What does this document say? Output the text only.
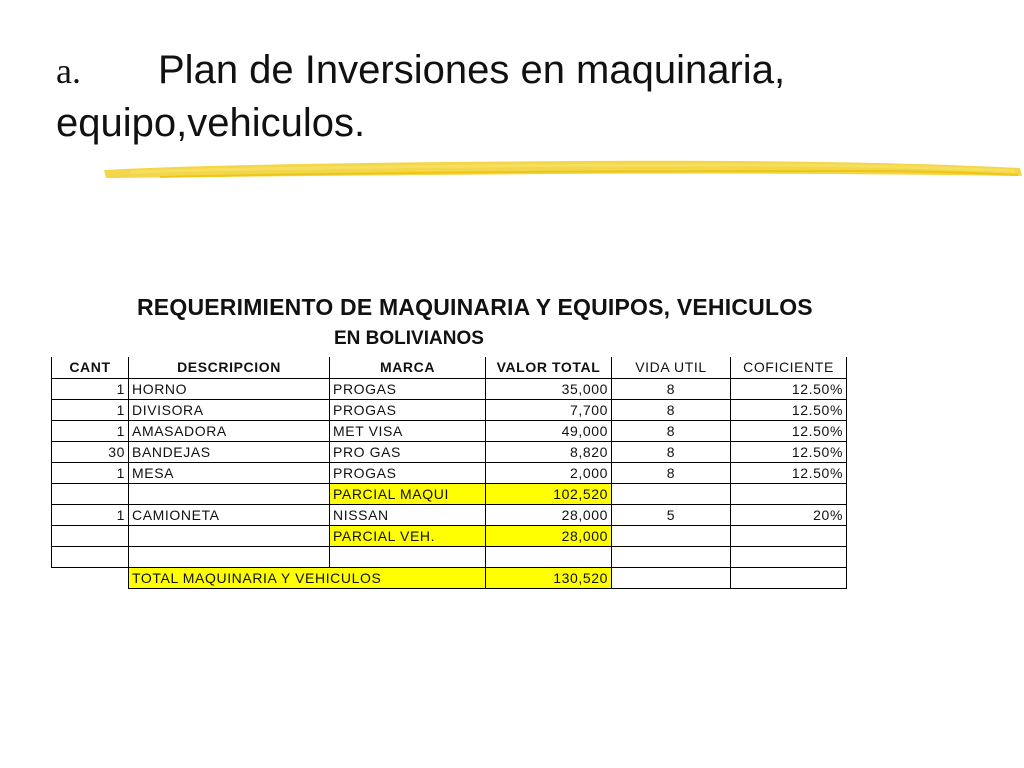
a. Plan de Inversiones en maquinaria,
equipo,vehiculos.
REQUERIMIENTO DE MAQUINARIA Y EQUIPOS, VEHICULOS
EN BOLIVIANOS
CANT	DESCRIPCION	MARCA	VALOR TOTAL	VIDA UTIL	COFICIENTE
1	HORNO	PROGAS	35,000	8	12.50%
1	DIVISORA	PROGAS	7,700	8	12.50%
1	AMASADORA	MET VISA	49,000	8	12.50%
30	BANDEJAS	PRO GAS	8,820	8	12.50%
1	MESA	PROGAS	2,000	8	12.50%
		PARCIAL MAQUI	102,520		
1	CAMIONETA	NISSAN	28,000	5	20%
		PARCIAL VEH.	28,000		

	TOTAL MAQUINARIA Y VEHICULOS		130,520		
